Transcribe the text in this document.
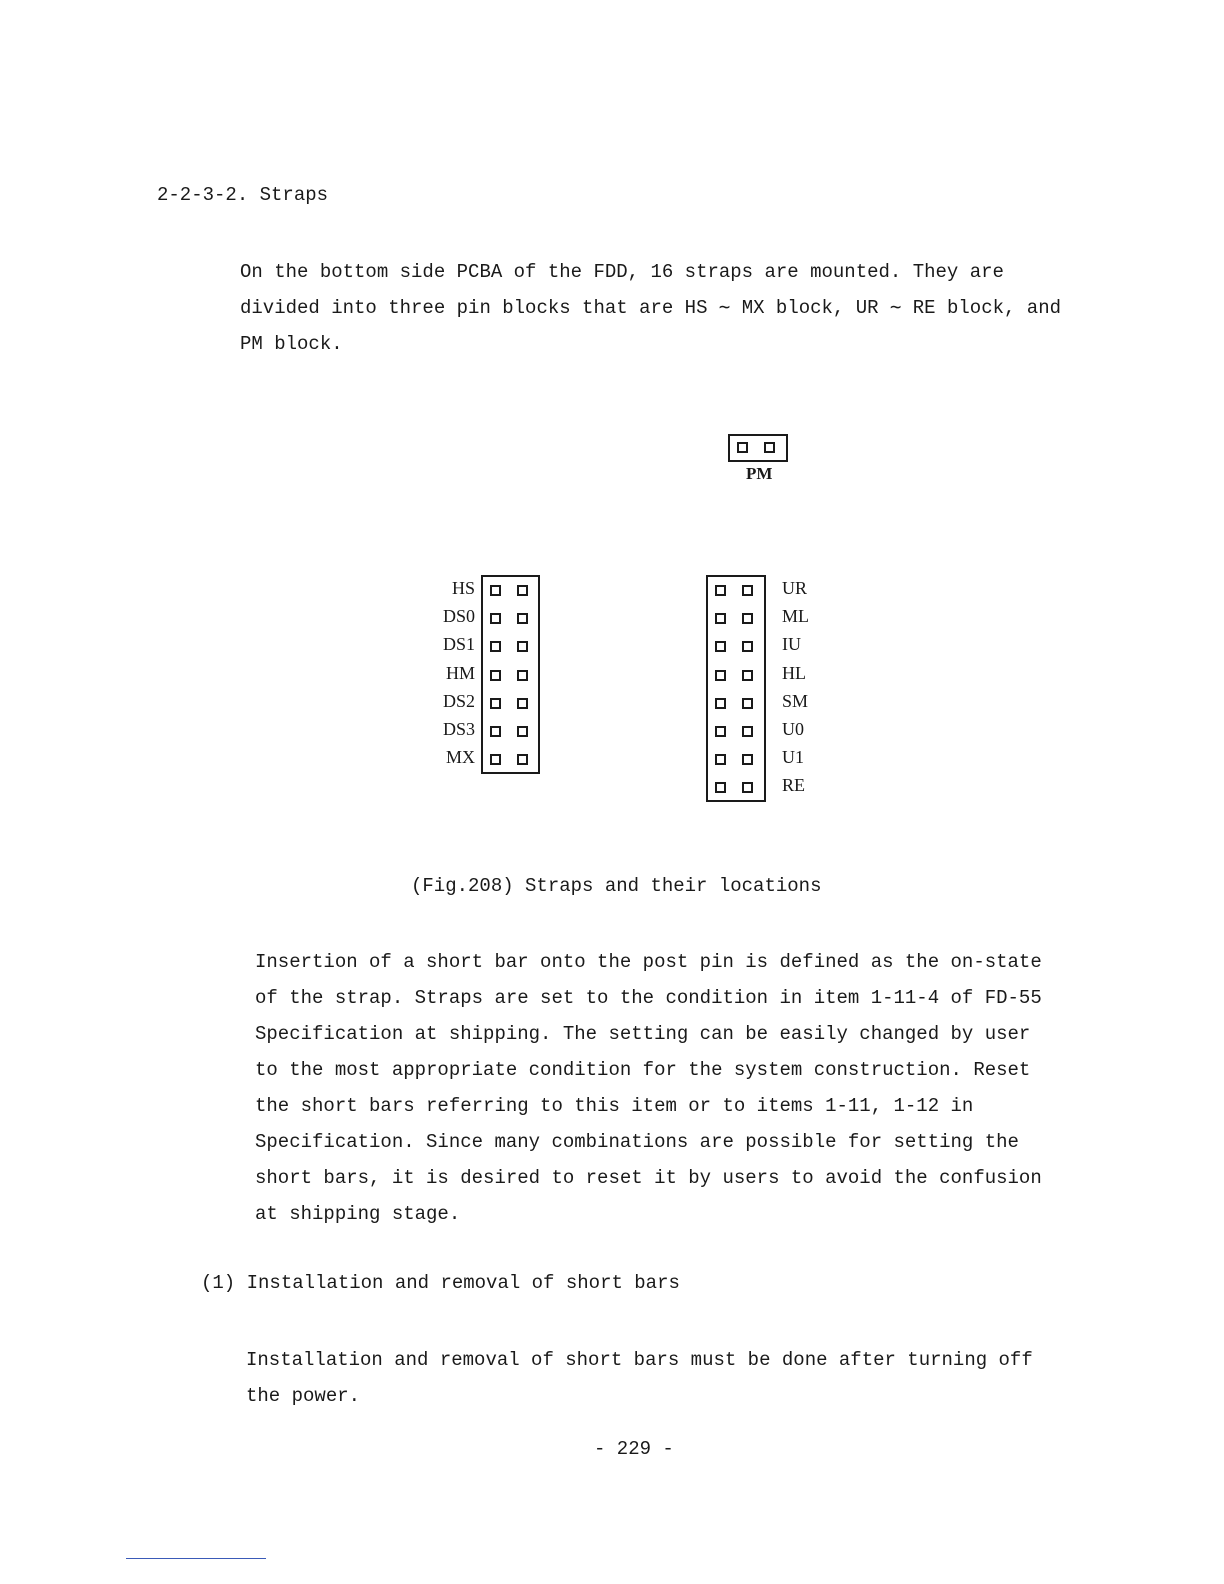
2-2-3-2. Straps
On the bottom side PCBA of the FDD, 16 straps are mounted. They are
divided into three pin blocks that are HS ∼ MX block, UR ∼ RE block, and
PM block.
PM
HS
DS0
DS1
HM
DS2
DS3
MX
UR
ML
IU
HL
SM
U0
U1
RE
(Fig.208) Straps and their locations
Insertion of a short bar onto the post pin is defined as the on-state
of the strap. Straps are set to the condition in item 1-11-4 of FD-55
Specification at shipping. The setting can be easily changed by user
to the most appropriate condition for the system construction. Reset
the short bars referring to this item or to items 1-11, 1-12 in
Specification. Since many combinations are possible for setting the
short bars, it is desired to reset it by users to avoid the confusion
at shipping stage.
(1) Installation and removal of short bars
Installation and removal of short bars must be done after turning off
the power.
- 229 -
